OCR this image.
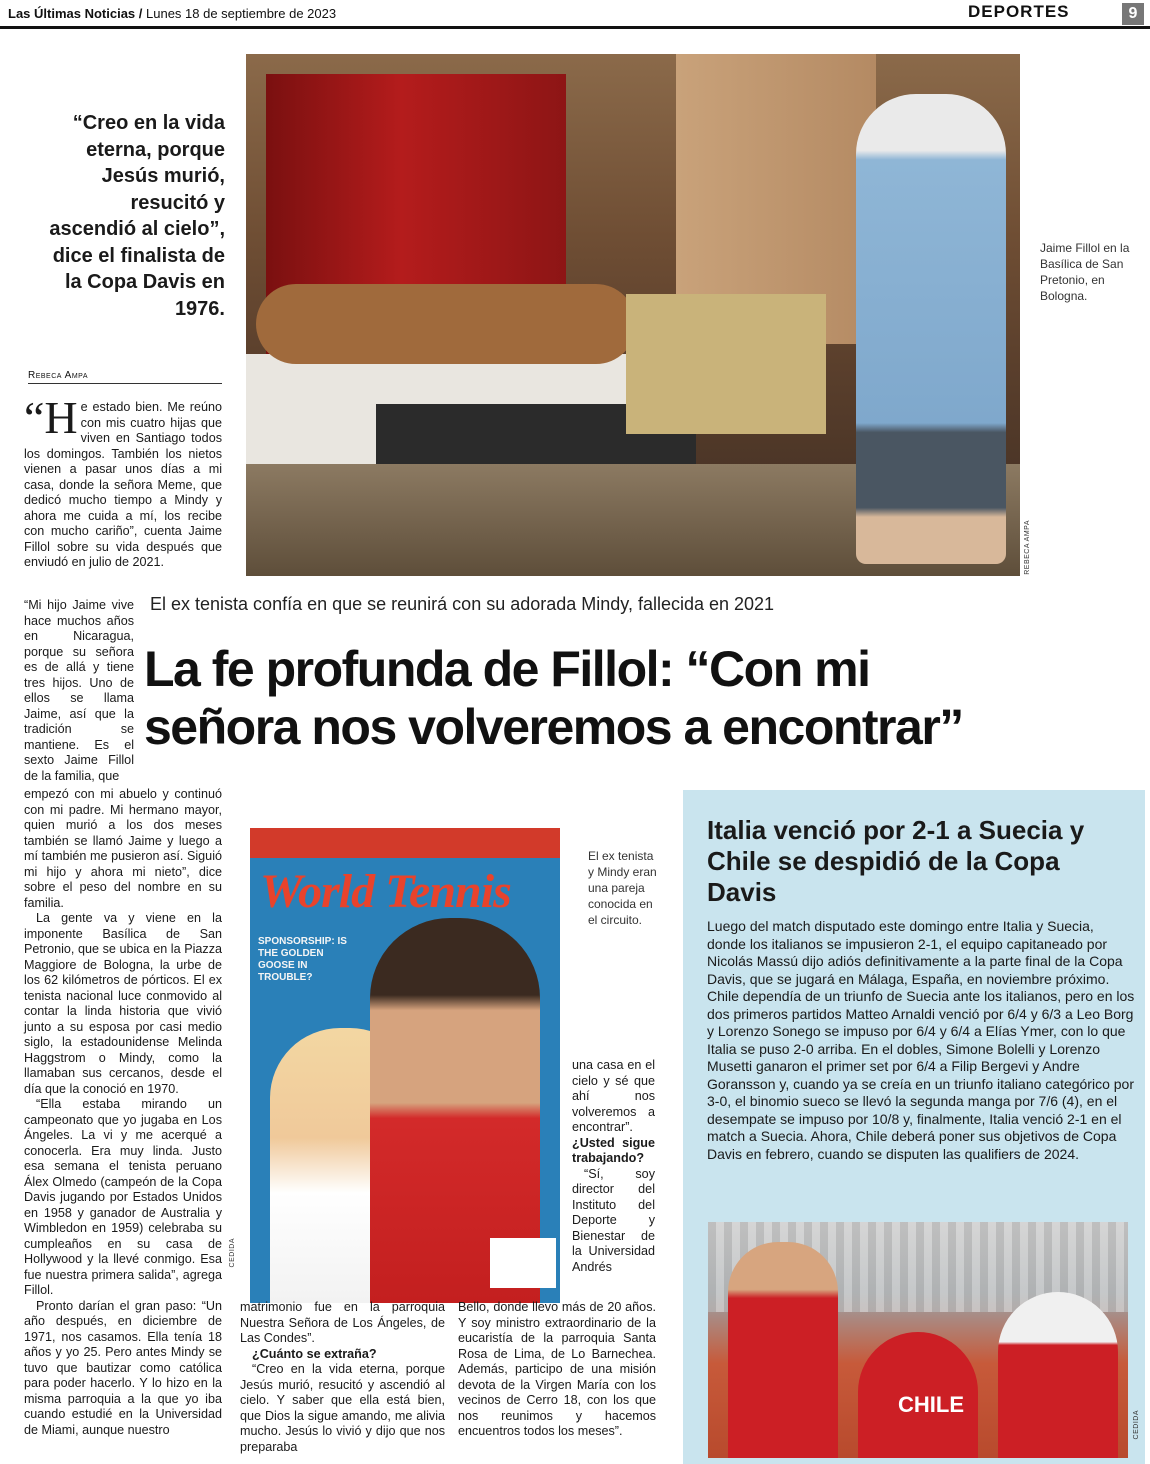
Las Últimas Noticias / Lunes 18 de septiembre de 2023	DEPORTES	9
“Creo en la vida eterna, porque Jesús murió, resucitó y ascendió al cielo”, dice el finalista de la Copa Davis en 1976.
REBECA AMPA
Jaime Fillol en la Basílica de San Pretonio, en Bologna.
Rebeca Ampa
“He estado bien. Me reúno con mis cuatro hijas que viven en Santiago todos los domingos. También los nietos vienen a pasar unos días a mi casa, donde la señora Meme, que dedicó mucho tiempo a Mindy y ahora me cuida a mí, los recibe con mucho cariño”, cuenta Jaime Fillol sobre su vida después que enviudó en julio de 2021.
“Mi hijo Jaime vive hace muchos años en Nicaragua, porque su señora es de allá y tiene tres hijos. Uno de ellos se llama Jaime, así que la tradición se mantiene. Es el sexto Jaime Fillol de la familia, que

empezó con mi abuelo y continuó con mi padre. Mi hermano mayor, quien murió a los dos meses también se llamó Jaime y luego a mí también me pusieron así. Siguió mi hijo y ahora mi nieto”, dice sobre el peso del nombre en su familia.

La gente va y viene en la imponente Basílica de San Petronio, que se ubica en la Piazza Maggiore de Bologna, la urbe de los 62 kilómetros de pórticos. El ex tenista nacional luce conmovido al contar la linda historia que vivió junto a su esposa por casi medio siglo, la estadounidense Melinda Haggstrom o Mindy, como la llamaban sus cercanos, desde el día que la conoció en 1970.

“Ella estaba mirando un campeonato que yo jugaba en Los Ángeles. La vi y me acerqué a conocerla. Era muy linda. Justo esa semana el tenista peruano Álex Olmedo (campeón de la Copa Davis jugando por Estados Unidos en 1958 y ganador de Australia y Wimbledon en 1959) celebraba su cumpleaños en su casa de Hollywood y la llevé conmigo. Esa fue nuestra primera salida”, agrega Fillol.

Pronto darían el gran paso: “Un año después, en diciembre de 1971, nos casamos. Ella tenía 18 años y yo 25. Pero antes Mindy se tuvo que bautizar como católica para poder hacerlo. Y lo hizo en la misma parroquia a la que yo iba cuando estudié en la Universidad de Miami, aunque nuestro

El ex tenista confía en que se reunirá con su adorada Mindy, fallecida en 2021
La fe profunda de Fillol: “Con mi señora nos volveremos a encontrar”
World Tennis
SPONSORSHIP: IS THE GOLDEN GOOSE IN TROUBLE?
CEDIDA
El ex tenista y Mindy eran una pareja conocida en el circuito.

una casa en el cielo y sé que ahí nos volveremos a encontrar”.

¿Usted sigue trabajando?

“Sí, soy director del Instituto del Deporte y Bienestar de la Universidad Andrés

matrimonio fue en la parroquia Nuestra Señora de Los Ángeles, de Las Condes”.

¿Cuánto se extraña?

“Creo en la vida eterna, porque Jesús murió, resucitó y ascendió al cielo. Y saber que ella está bien, que Dios la sigue amando, me alivia mucho. Jesús lo vivió y dijo que nos preparaba

Bello, donde llevo más de 20 años. Y soy ministro extraordinario de la eucaristía de la parroquia Santa Rosa de Lima, de Lo Barnechea. Además, participo de una misión devota de la Virgen María con los vecinos de Cerro 18, con los que nos reunimos y hacemos encuentros todos los meses”.

Italia venció por 2-1 a Suecia y Chile se despidió de la Copa Davis
Luego del match disputado este domingo entre Italia y Suecia, donde los italianos se impusieron 2-1, el equipo capitaneado por Nicolás Massú dijo adiós definitivamente a la parte final de la Copa Davis, que se jugará en Málaga, España, en noviembre próximo. Chile dependía de un triunfo de Suecia ante los italianos, pero en los dos primeros partidos Matteo Arnaldi venció por 6/4 y 6/3 a Leo Borg y Lorenzo Sonego se impuso por 6/4 y 6/4 a Elías Ymer, con lo que Italia se puso 2-0 arriba. En el dobles, Simone Bolelli y Lorenzo Musetti ganaron el primer set por 6/4 a Filip Bergevi y Andre Goransson y, cuando ya se creía en un triunfo italiano categórico por 3-0, el binomio sueco se llevó la segunda manga por 7/6 (4), en el desempate se impuso por 10/8 y, finalmente, Italia venció 2-1 en el match a Suecia. Ahora, Chile deberá poner sus objetivos de Copa Davis en febrero, cuando se disputen las qualifiers de 2024.
CHILE
CEDIDA
